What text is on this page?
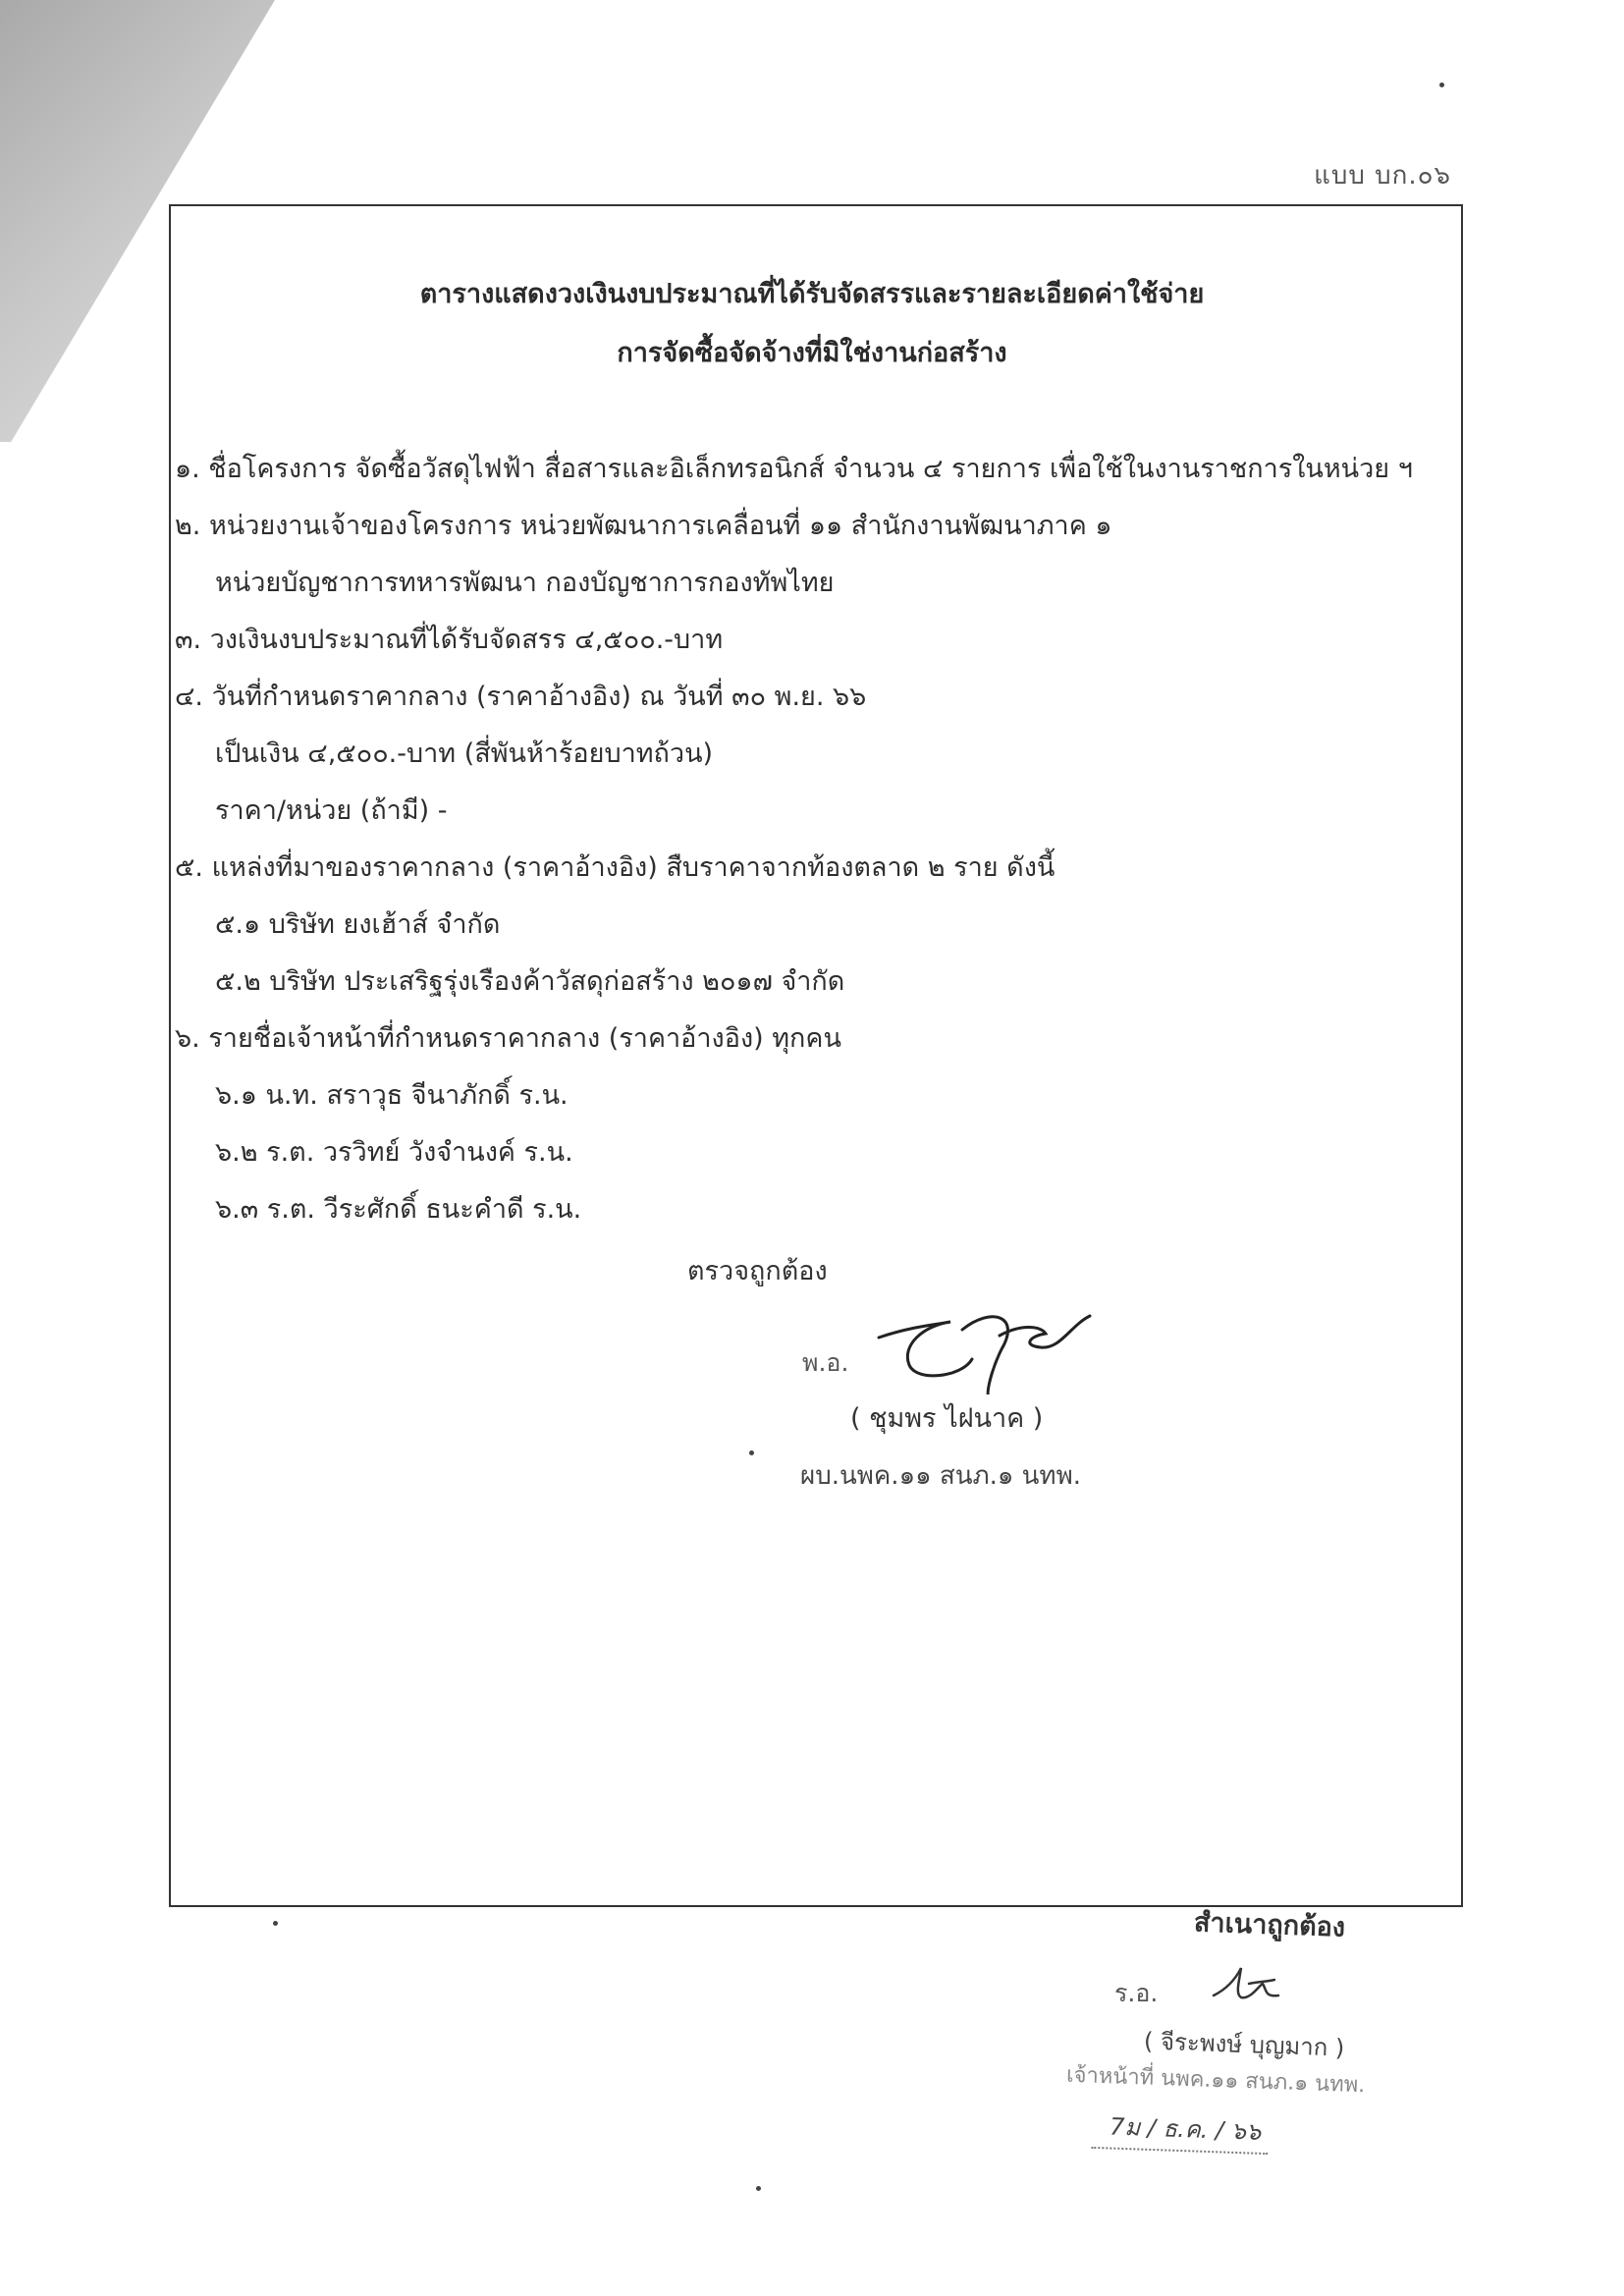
แบบ บก.๐๖
ตารางแสดงวงเงินงบประมาณที่ได้รับจัดสรรและรายละเอียดค่าใช้จ่าย
การจัดซื้อจัดจ้างที่มิใช่งานก่อสร้าง
๑. ชื่อโครงการ จัดซื้อวัสดุไฟฟ้า สื่อสารและอิเล็กทรอนิกส์ จำนวน ๔ รายการ เพื่อใช้ในงานราชการในหน่วย ฯ
๒. หน่วยงานเจ้าของโครงการ หน่วยพัฒนาการเคลื่อนที่ ๑๑ สำนักงานพัฒนาภาค ๑
หน่วยบัญชาการทหารพัฒนา กองบัญชาการกองทัพไทย
๓. วงเงินงบประมาณที่ได้รับจัดสรร ๔,๕๐๐.-บาท
๔. วันที่กำหนดราคากลาง (ราคาอ้างอิง) ณ วันที่ ๓๐ พ.ย. ๖๖
เป็นเงิน ๔,๕๐๐.-บาท (สี่พันห้าร้อยบาทถ้วน)
ราคา/หน่วย (ถ้ามี) -
๕. แหล่งที่มาของราคากลาง (ราคาอ้างอิง) สืบราคาจากท้องตลาด ๒ ราย ดังนี้
๕.๑ บริษัท ยงเฮ้าส์ จำกัด
๕.๒ บริษัท ประเสริฐรุ่งเรืองค้าวัสดุก่อสร้าง ๒๐๑๗ จำกัด
๖. รายชื่อเจ้าหน้าที่กำหนดราคากลาง (ราคาอ้างอิง) ทุกคน
๖.๑ น.ท. สราวุธ จีนาภักดิ์ ร.น.
๖.๒ ร.ต. วรวิทย์ วังจำนงค์ ร.น.
๖.๓ ร.ต. วีระศักดิ์ ธนะคำดี ร.น.
ตรวจถูกต้อง
พ.อ.
( ชุมพร ไฝนาค )
ผบ.นพค.๑๑ สนภ.๑ นทพ.
สำเนาถูกต้อง
ร.อ.
( จีระพงษ์ บุญมาก )
เจ้าหน้าที่ นพค.๑๑ สนภ.๑ นทพ.
7ม / ธ.ค. / ๖๖
